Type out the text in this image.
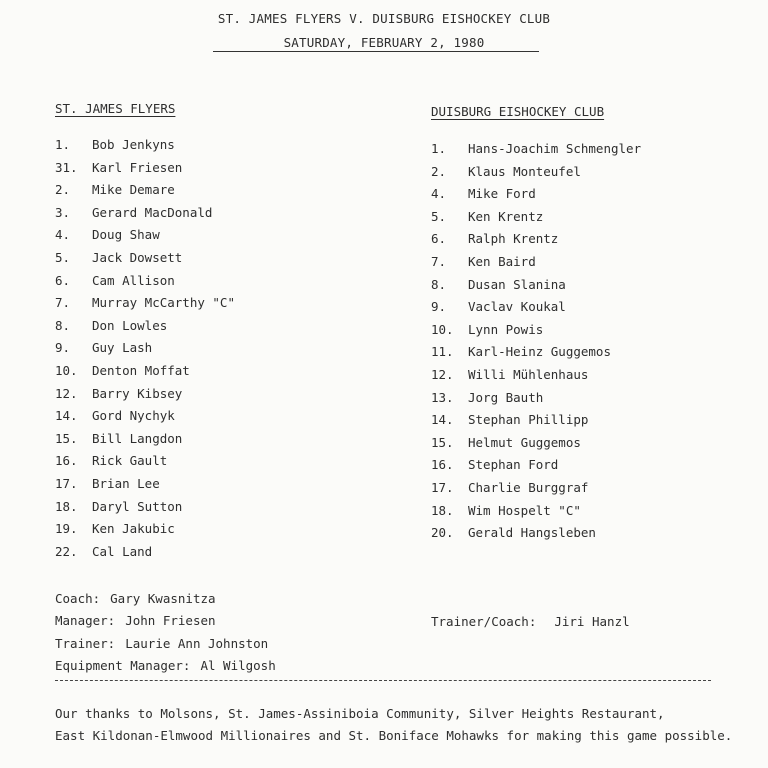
ST. JAMES FLYERS V. DUISBURG EISHOCKEY CLUB
SATURDAY, FEBRUARY 2, 1980
ST. JAMES FLYERS	DUISBURG EISHOCKEY CLUB
1. Bob Jenkyns
31. Karl Friesen
2. Mike Demare
3. Gerard MacDonald
4. Doug Shaw
5. Jack Dowsett
6. Cam Allison
7. Murray McCarthy "C"
8. Don Lowles
9. Guy Lash
10. Denton Moffat
12. Barry Kibsey
14. Gord Nychyk
15. Bill Langdon
16. Rick Gault
17. Brian Lee
18. Daryl Sutton
19. Ken Jakubic
22. Cal Land
1. Hans-Joachim Schmengler
2. Klaus Monteufel
4. Mike Ford
5. Ken Krentz
6. Ralph Krentz
7. Ken Baird
8. Dusan Slanina
9. Vaclav Koukal
10. Lynn Powis
11. Karl-Heinz Guggemos
12. Willi Mühlenhaus
13. Jorg Bauth
14. Stephan Phillipp
15. Helmut Guggemos
16. Stephan Ford
17. Charlie Burggraf
18. Wim Hospelt "C"
20. Gerald Hangsleben
Coach: Gary Kwasnitza
Manager: John Friesen
Trainer: Laurie Ann Johnston
Equipment Manager: Al Wilgosh
Trainer/Coach: Jiri Hanzl
Our thanks to Molsons, St. James-Assiniboia Community, Silver Heights Restaurant,
East Kildonan-Elmwood Millionaires and St. Boniface Mohawks for making this game possible.
